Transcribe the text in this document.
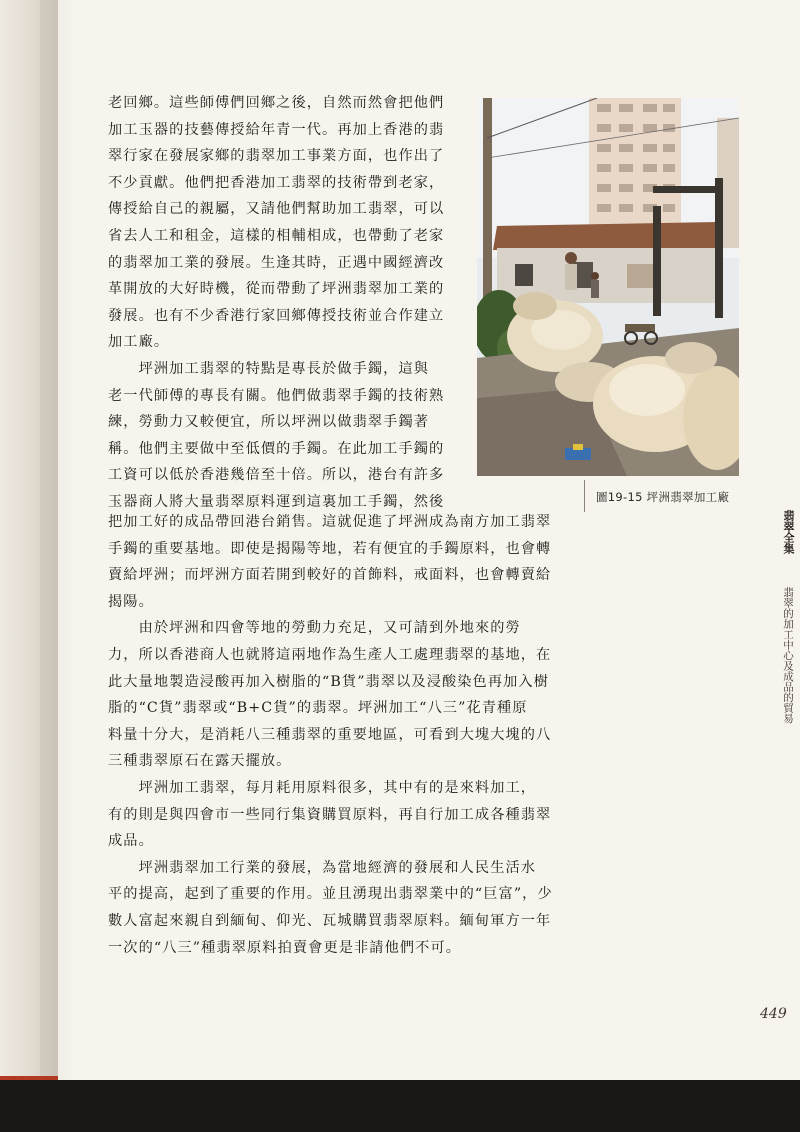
老回鄉。這些師傅們回鄉之後，自然而然會把他們
加工玉器的技藝傳授給年青一代。再加上香港的翡
翠行家在發展家鄉的翡翠加工事業方面，也作出了
不少貢獻。他們把香港加工翡翠的技術帶到老家，
傳授給自己的親屬，又請他們幫助加工翡翠，可以
省去人工和租金，這樣的相輔相成，也帶動了老家
的翡翠加工業的發展。生逢其時，正遇中國經濟改
革開放的大好時機，從而帶動了坪洲翡翠加工業的
發展。也有不少香港行家回鄉傳授技術並合作建立
加工廠。
　　坪洲加工翡翠的特點是專長於做手鐲，這與
老一代師傅的專長有關。他們做翡翠手鐲的技術熟
練，勞動力又較便宜，所以坪洲以做翡翠手鐲著
稱。他們主要做中至低價的手鐲。在此加工手鐲的
工資可以低於香港幾倍至十倍。所以，港台有許多
玉器商人將大量翡翠原料運到這裏加工手鐲，然後	圖19-15 坪洲翡翠加工廠

把加工好的成品帶回港台銷售。這就促進了坪洲成為南方加工翡翠
手鐲的重要基地。即使是揭陽等地，若有便宜的手鐲原料，也會轉
賣給坪洲；而坪洲方面若開到較好的首飾料，戒面料，也會轉賣給
揭陽。
　　由於坪洲和四會等地的勞動力充足，又可請到外地來的勞
力，所以香港商人也就將這兩地作為生產人工處理翡翠的基地，在
此大量地製造浸酸再加入樹脂的“B貨”翡翠以及浸酸染色再加入樹
脂的“C貨”翡翠或“B+C貨”的翡翠。坪洲加工“八三”花青種原
料量十分大，是消耗八三種翡翠的重要地區，可看到大塊大塊的八
三種翡翠原石在露天擺放。
　　坪洲加工翡翠，每月耗用原料很多，其中有的是來料加工，
有的則是與四會市一些同行集資購買原料，再自行加工成各種翡翠
成品。
　　坪洲翡翠加工行業的發展，為當地經濟的發展和人民生活水
平的提高，起到了重要的作用。並且湧現出翡翠業中的“巨富”，少
數人富起來親自到緬甸、仰光、瓦城購買翡翠原料。緬甸軍方一年
一次的“八三”種翡翠原料拍賣會更是非請他們不可。

翡翠全集
翡翠的加工中心及成品的貿易
449
